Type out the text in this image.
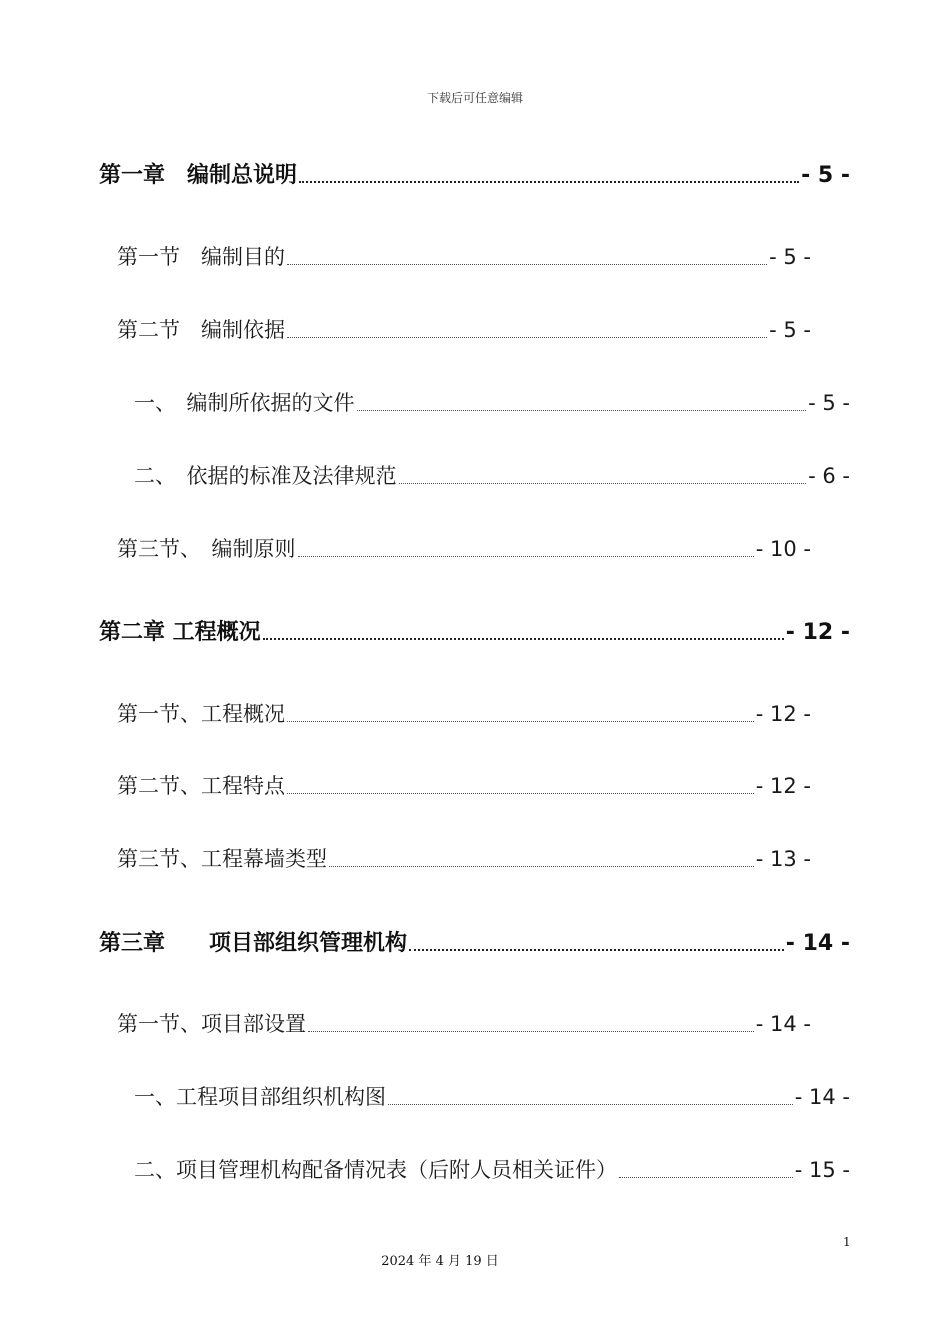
下载后可任意编辑
第一章　编制总说明	- 5 -
第一节　编制目的	- 5 -
第二节　编制依据	- 5 -
一、　编制所依据的文件	- 5 -
二、　依据的标准及法律规范	- 6 -
第三节、　编制原则	- 10 -
第二章 工程概况	- 12 -
第一节、工程概况	- 12 -
第二节、工程特点	- 12 -
第三节、工程幕墙类型	- 13 -
第三章　　项目部组织管理机构	- 14 -
第一节、项目部设置	- 14 -
一、工程项目部组织机构图	- 14 -
二、项目管理机构配备情况表（后附人员相关证件）	- 15 -
1
2024 年 4 月 19 日
